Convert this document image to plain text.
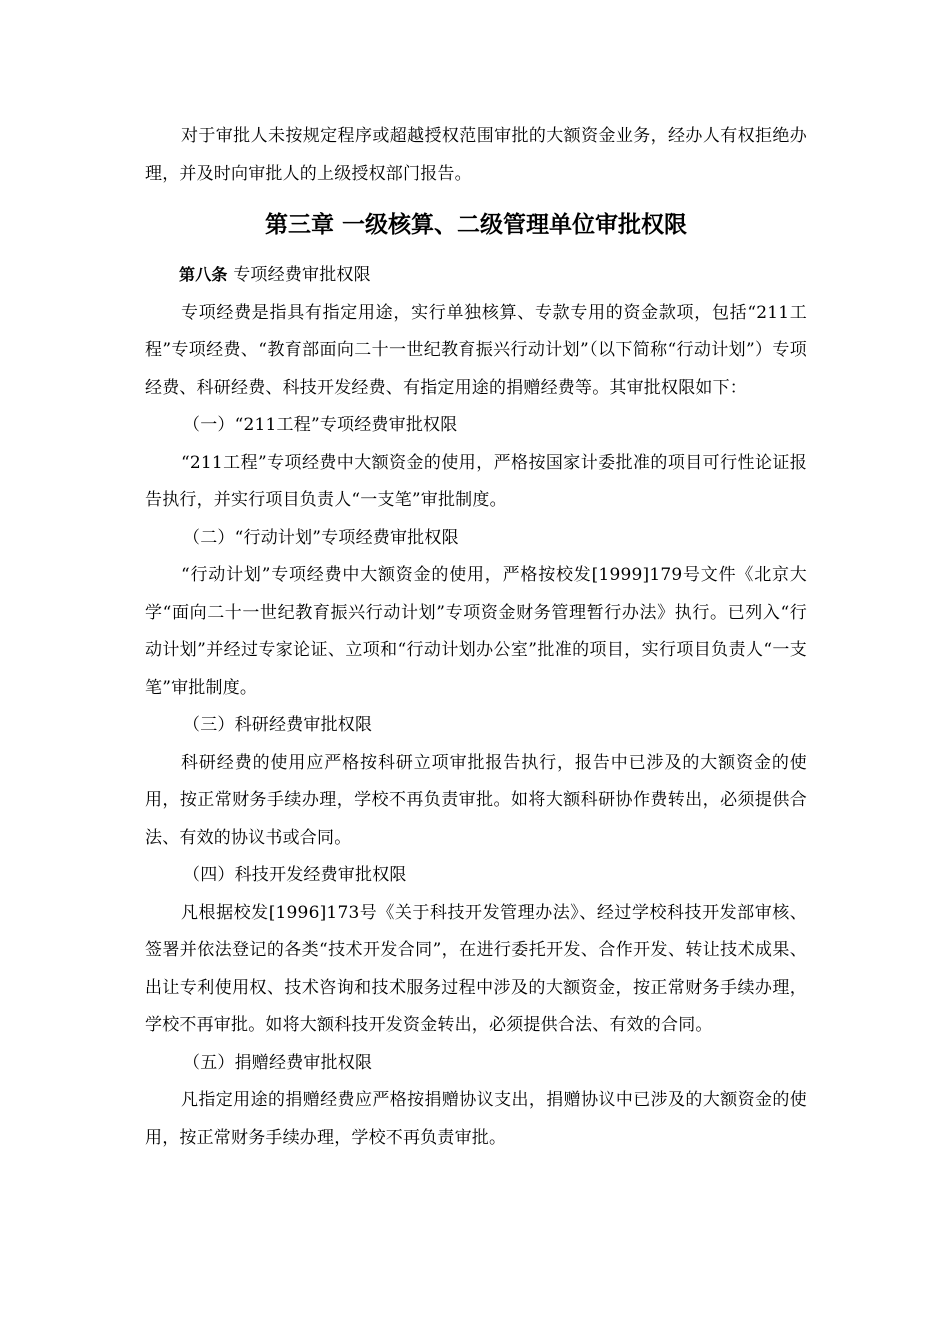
对于审批人未按规定程序或超越授权范围审批的大额资金业务，经办人有权拒绝办理，并及时向审批人的上级授权部门报告。

第三章 一级核算、二级管理单位审批权限

第八条 专项经费审批权限

专项经费是指具有指定用途，实行单独核算、专款专用的资金款项，包括“211工程”专项经费、“教育部面向二十一世纪教育振兴行动计划”（以下简称“行动计划”）专项经费、科研经费、科技开发经费、有指定用途的捐赠经费等。其审批权限如下：

（一）“211工程”专项经费审批权限

“211工程”专项经费中大额资金的使用，严格按国家计委批准的项目可行性论证报告执行，并实行项目负责人“一支笔”审批制度。

（二）“行动计划”专项经费审批权限

“行动计划”专项经费中大额资金的使用，严格按校发[1999]179号文件《北京大学“面向二十一世纪教育振兴行动计划”专项资金财务管理暂行办法》执行。已列入“行动计划”并经过专家论证、立项和“行动计划办公室”批准的项目，实行项目负责人“一支笔”审批制度。

（三）科研经费审批权限

科研经费的使用应严格按科研立项审批报告执行，报告中已涉及的大额资金的使用，按正常财务手续办理，学校不再负责审批。如将大额科研协作费转出，必须提供合法、有效的协议书或合同。

（四）科技开发经费审批权限

凡根据校发[1996]173号《关于科技开发管理办法》、经过学校科技开发部审核、签署并依法登记的各类“技术开发合同”，在进行委托开发、合作开发、转让技术成果、出让专利使用权、技术咨询和技术服务过程中涉及的大额资金，按正常财务手续办理，学校不再审批。如将大额科技开发资金转出，必须提供合法、有效的合同。

（五）捐赠经费审批权限

凡指定用途的捐赠经费应严格按捐赠协议支出，捐赠协议中已涉及的大额资金的使用，按正常财务手续办理，学校不再负责审批。
